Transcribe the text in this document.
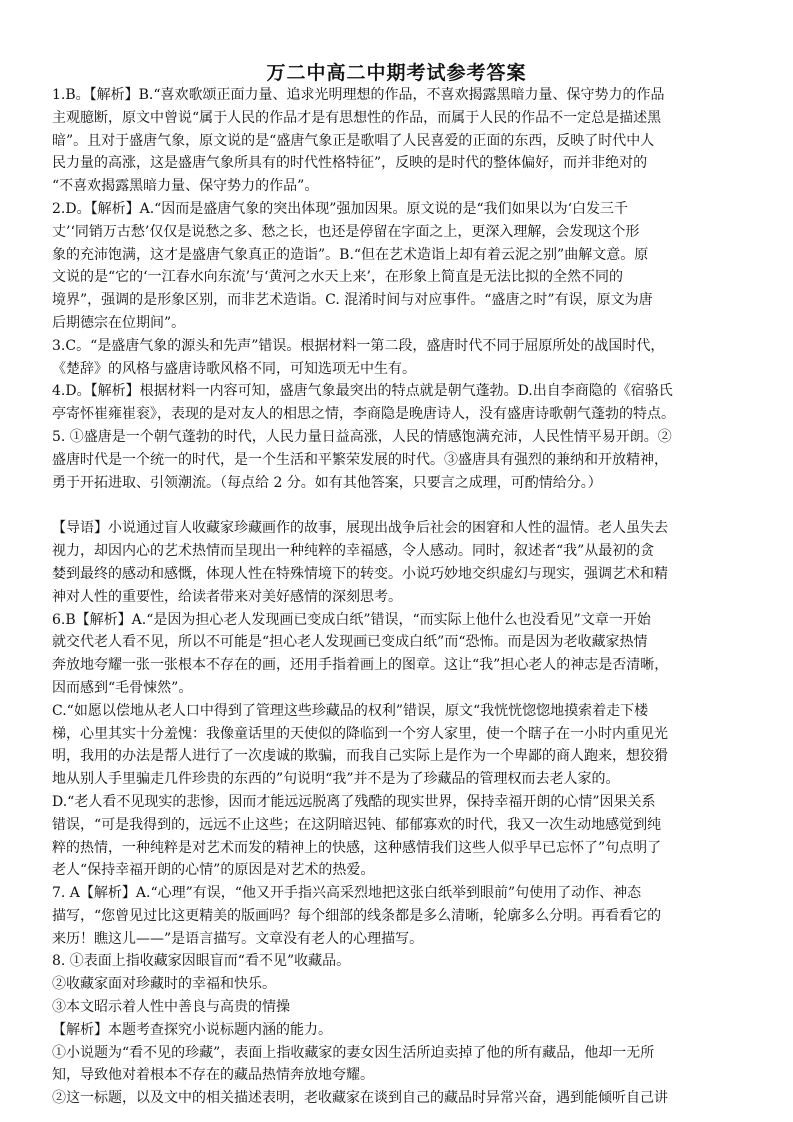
万二中高二中期考试参考答案
1.B。【解析】B.“喜欢歌颂正面力量、追求光明理想的作品，不喜欢揭露黑暗力量、保守势力的作品
主观臆断，原文中曾说“属于人民的作品才是有思想性的作品，而属于人民的作品不一定总是描述黑
暗”。且对于盛唐气象，原文说的是“盛唐气象正是歌唱了人民喜爱的正面的东西，反映了时代中人
民力量的高涨，这是盛唐气象所具有的时代性格特征”，反映的是时代的整体偏好，而并非绝对的
“不喜欢揭露黑暗力量、保守势力的作品”。
2.D。【解析】A.“因而是盛唐气象的突出体现”强加因果。原文说的是“我们如果以为‘白发三千
丈’‘同销万古愁’仅仅是说愁之多、愁之长，也还是停留在字面之上，更深入理解，会发现这个形
象的充沛饱满，这才是盛唐气象真正的造诣”。B.“但在艺术造诣上却有着云泥之别”曲解文意。原
文说的是“它的‘一江春水向东流’与‘黄河之水天上来’，在形象上简直是无法比拟的全然不同的
境界”，强调的是形象区别，而非艺术造诣。C. 混淆时间与对应事件。“盛唐之时”有误，原文为唐
后期德宗在位期间”。
3.C。“是盛唐气象的源头和先声”错误。根据材料一第二段，盛唐时代不同于屈原所处的战国时代，
《楚辞》的风格与盛唐诗歌风格不同，可知选项无中生有。
4.D。【解析】根据材料一内容可知，盛唐气象最突出的特点就是朝气蓬勃。D.出自李商隐的《宿骆氏
亭寄怀崔雍崔衮》，表现的是对友人的相思之情，李商隐是晚唐诗人，没有盛唐诗歌朝气蓬勃的特点。
5. ①盛唐是一个朝气蓬勃的时代，人民力量日益高涨，人民的情感饱满充沛，人民性情平易开朗。②
盛唐时代是一个统一的时代，是一个生活和平繁荣发展的时代。③盛唐具有强烈的兼纳和开放精神，
勇于开拓进取、引领潮流。（每点给 2 分。如有其他答案，只要言之成理，可酌情给分。）
【导语】小说通过盲人收藏家珍藏画作的故事，展现出战争后社会的困窘和人性的温情。老人虽失去
视力，却因内心的艺术热情而呈现出一种纯粹的幸福感，令人感动。同时，叙述者“我”从最初的贪
婪到最终的感动和感慨，体现人性在特殊情境下的转变。小说巧妙地交织虚幻与现实，强调艺术和精
神对人性的重要性，给读者带来对美好感情的深刻思考。
6.B【解析】A.“是因为担心老人发现画已变成白纸”错误，“而实际上他什么也没看见”文章一开始
就交代老人看不见，所以不可能是“担心老人发现画已变成白纸”而“恐怖。而是因为老收藏家热情
奔放地夸耀一张一张根本不存在的画，还用手指着画上的图章。这让“我”担心老人的神志是否清晰，
因而感到“毛骨悚然”。
C.“如愿以偿地从老人口中得到了管理这些珍藏品的权利”错误，原文“我恍恍惚惚地摸索着走下楼
梯，心里其实十分羞愧：我像童话里的天使似的降临到一个穷人家里，使一个瞎子在一小时内重见光
明，我用的办法是帮人进行了一次虔诚的欺骗，而我自己实际上是作为一个卑鄙的商人跑来，想狡猾
地从别人手里骗走几件珍贵的东西的”句说明“我”并不是为了珍藏品的管理权而去老人家的。
D.“老人看不见现实的悲惨，因而才能远远脱离了残酷的现实世界，保持幸福开朗的心情”因果关系
错误，“可是我得到的，远远不止这些；在这阴暗迟钝、郁郁寡欢的时代，我又一次生动地感觉到纯
粹的热情，一种纯粹是对艺术而发的精神上的快感，这种感情我们这些人似乎早已忘怀了”句点明了
老人“保持幸福开朗的心情”的原因是对艺术的热爱。
7. A【解析】A.“心理”有误，“他又开手指兴高采烈地把这张白纸举到眼前”句使用了动作、神态
描写，“您曾见过比这更精美的版画吗？每个细部的线条都是多么清晰，轮廓多么分明。再看看它的
来历！瞧这儿——”是语言描写。文章没有老人的心理描写。
8. ①表面上指收藏家因眼盲而“看不见”收藏品。
②收藏家面对珍藏时的幸福和快乐。
③本文昭示着人性中善良与高贵的情操
【解析】本题考查探究小说标题内涵的能力。
①小说题为“看不见的珍藏”，表面上指收藏家的妻女因生活所迫卖掉了他的所有藏品，他却一无所
知，导致他对着根本不存在的藏品热情奔放地夸耀。
②这一标题，以及文中的相关描述表明，老收藏家在谈到自己的藏品时异常兴奋，遇到能倾听自己讲
